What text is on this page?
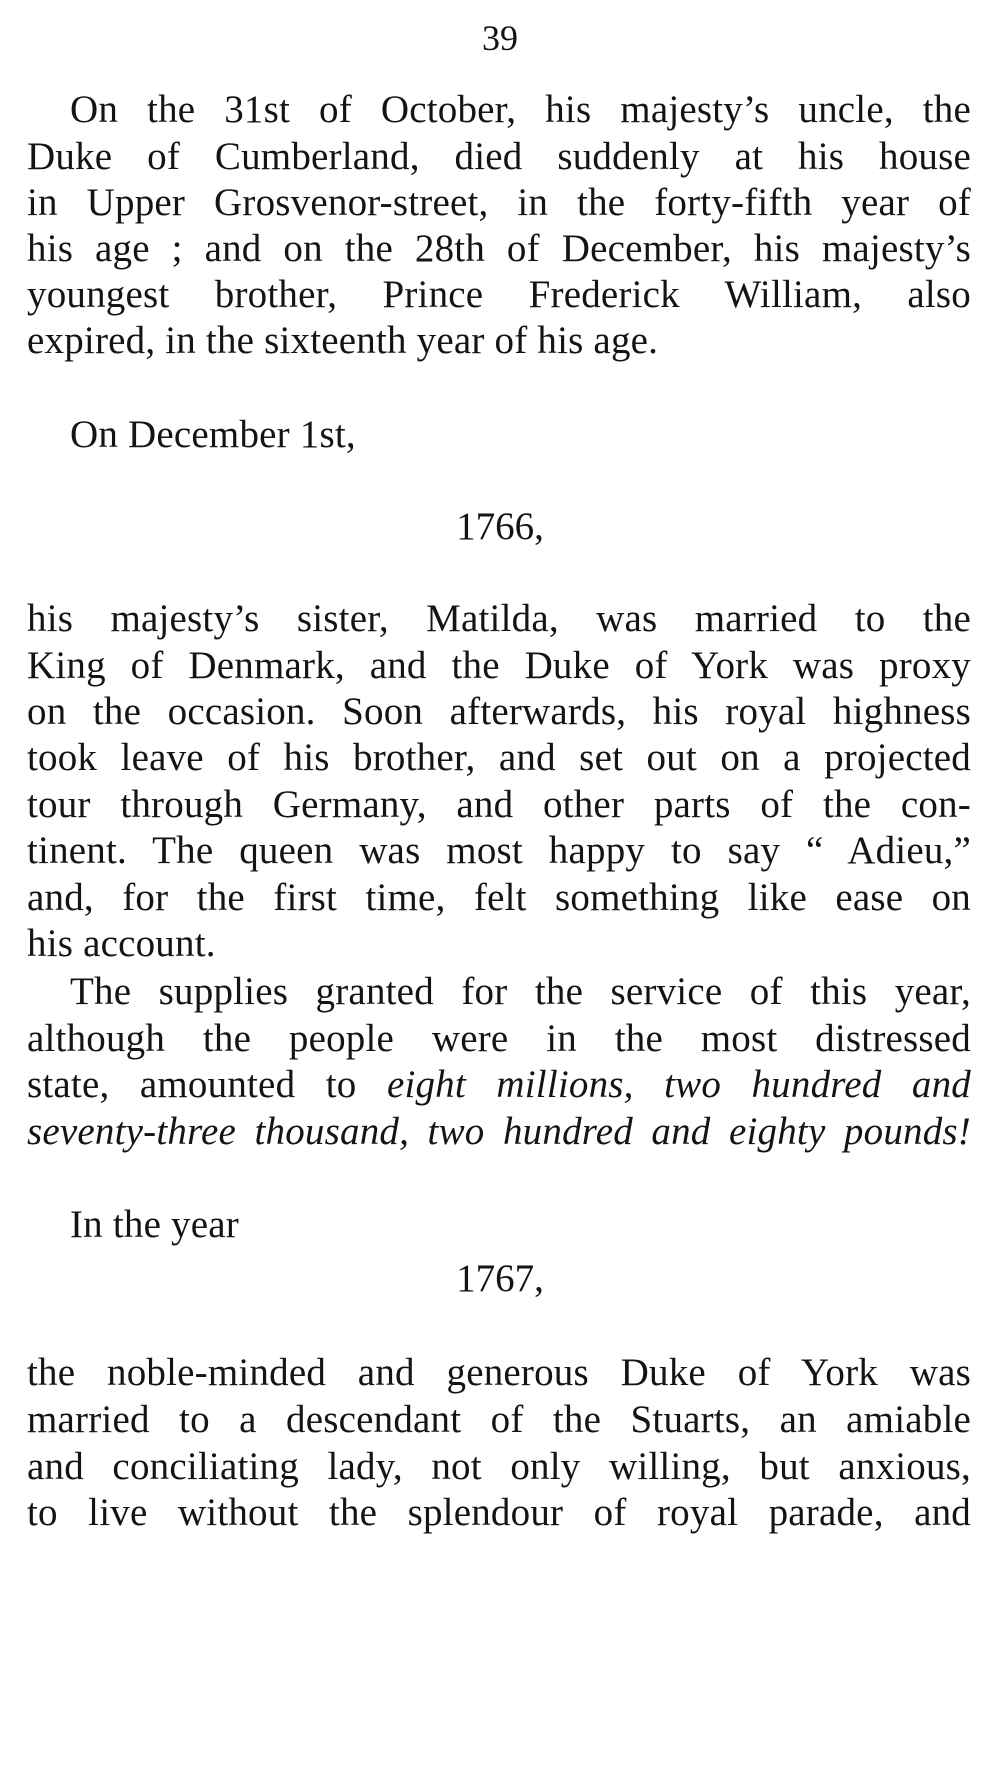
39
On the 31st of October, his majesty’s uncle, the
Duke of Cumberland, died suddenly at his house
in Upper Grosvenor-street, in the forty-fifth year of
his age ; and on the 28th of December, his majesty’s
youngest brother, Prince Frederick William, also
expired, in the sixteenth year of his age.
On December 1st,
1766,
his majesty’s sister, Matilda, was married to the
King of Denmark, and the Duke of York was proxy
on the occasion. Soon afterwards, his royal highness
took leave of his brother, and set out on a projected
tour through Germany, and other parts of the con-
tinent. The queen was most happy to say “ Adieu,”
and, for the first time, felt something like ease on
his account.
The supplies granted for the service of this year,
although the people were in the most distressed
state, amounted to eight millions, two hundred and
seventy-three thousand, two hundred and eighty pounds!
In the year
1767,
the noble-minded and generous Duke of York was
married to a descendant of the Stuarts, an amiable
and conciliating lady, not only willing, but anxious,
to live without the splendour of royal parade, and
